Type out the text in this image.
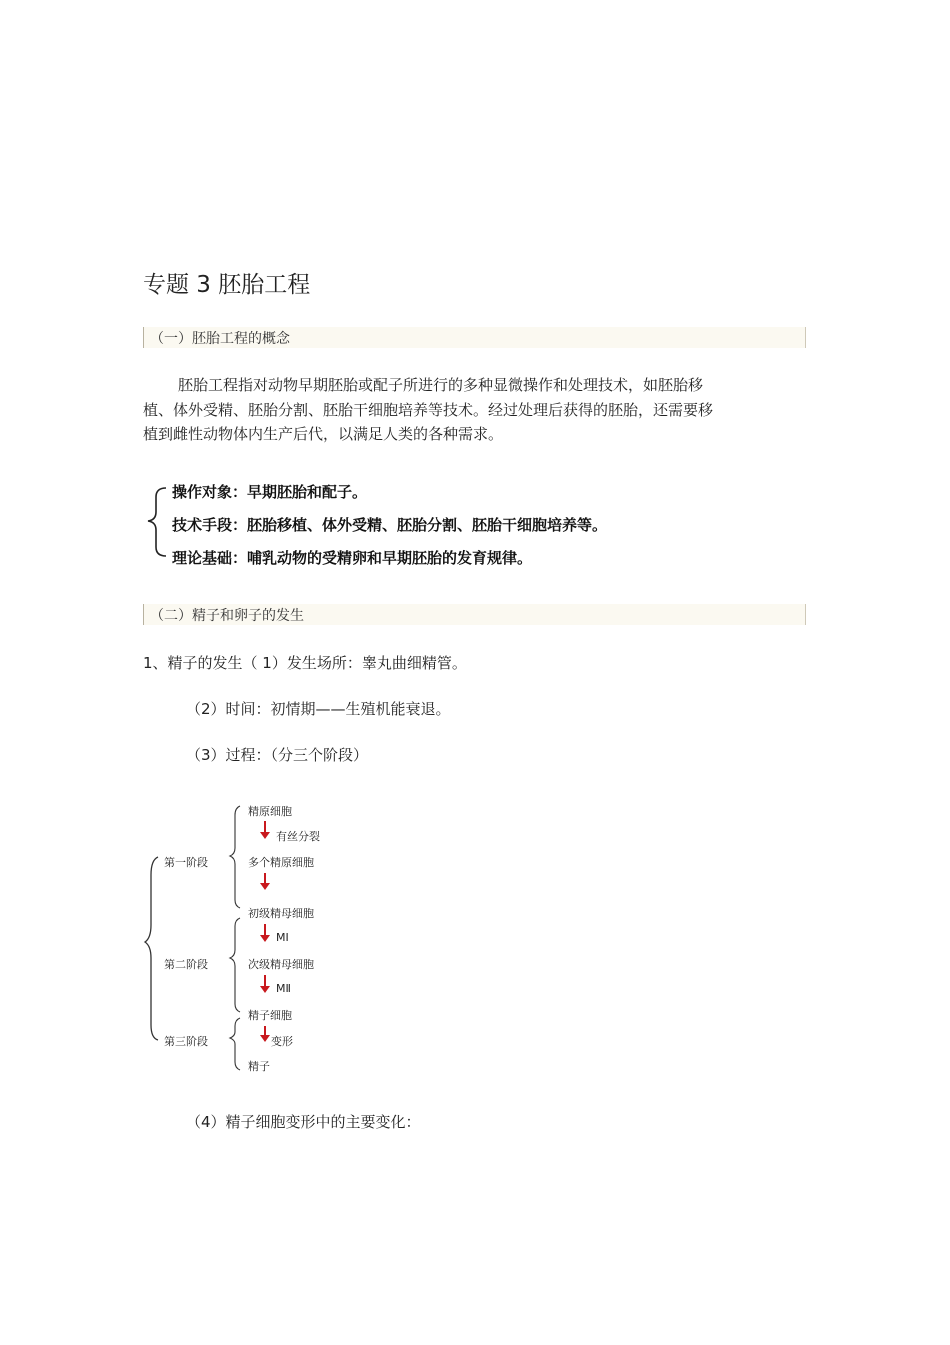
专题 3 胚胎工程
（一）胚胎工程的概念
胚胎工程指对动物早期胚胎或配子所进行的多种显微操作和处理技术，如胚胎移
植、体外受精、胚胎分割、胚胎干细胞培养等技术。经过处理后获得的胚胎，还需要移
植到雌性动物体内生产后代，以满足人类的各种需求。
操作对象：早期胚胎和配子。
技术手段：胚胎移植、体外受精、胚胎分割、胚胎干细胞培养等。
理论基础：哺乳动物的受精卵和早期胚胎的发育规律。
（二）精子和卵子的发生
1、精子的发生（ 1）发生场所：睾丸曲细精管。
（2）时间：初情期——生殖机能衰退。
（3）过程：（分三个阶段）
精原细胞
有丝分裂
多个精原细胞
初级精母细胞
MⅠ
次级精母细胞
MⅡ
精子细胞
变形
精子
第一阶段
第二阶段
第三阶段
（4）精子细胞变形中的主要变化：
